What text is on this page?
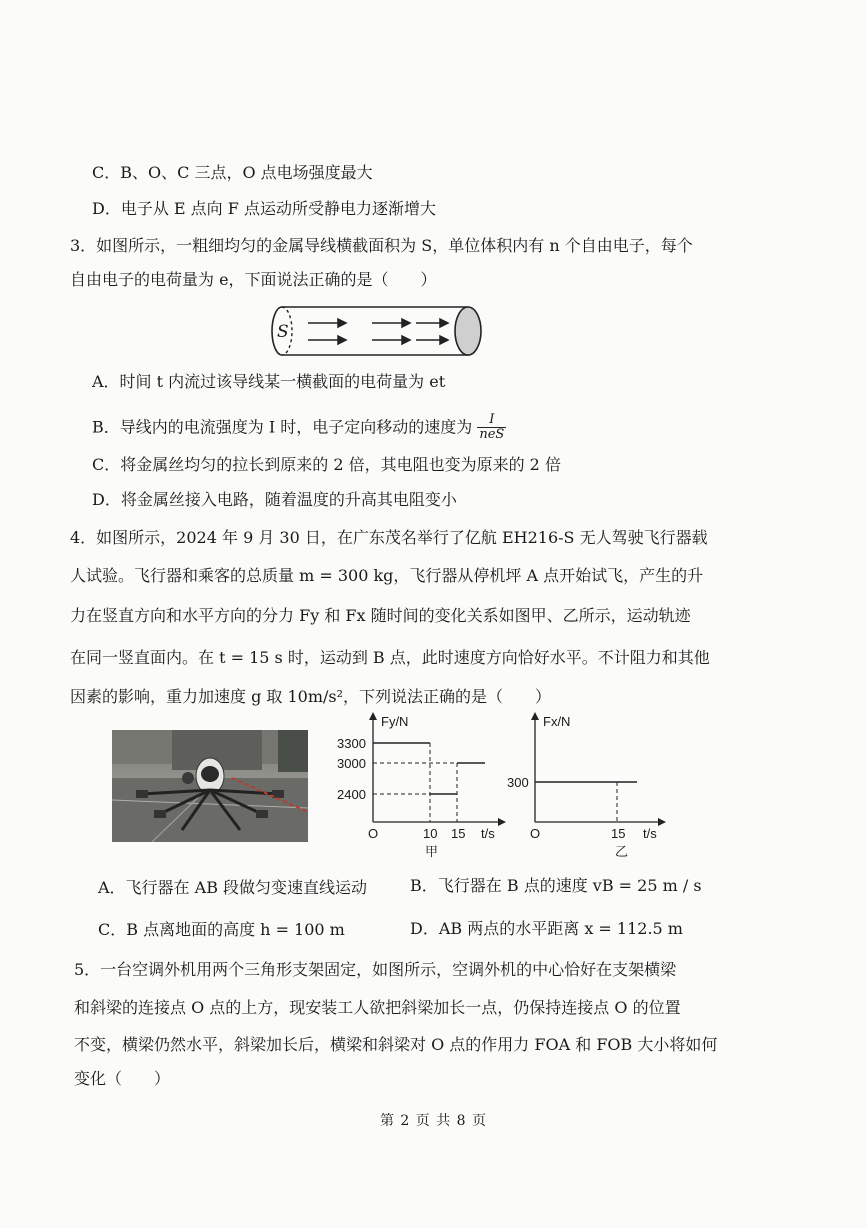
C．B、O、C 三点，O 点电场强度最大
D．电子从 E 点向 F 点运动所受静电力逐渐增大
3．如图所示，一粗细均匀的金属导线横截面积为 S，单位体积内有 n 个自由电子，每个
自由电子的电荷量为 e，下面说法正确的是（　　）
S
A．时间 t 内流过该导线某一横截面的电荷量为 et
B．导线内的电流强度为 I 时，电子定向移动的速度为 $\frac{I}{\text{neS}}$
C．将金属丝均匀的拉长到原来的 2 倍，其电阻也变为原来的 2 倍
D．将金属丝接入电路，随着温度的升高其电阻变小
4．如图所示，2024 年 9 月 30 日，在广东茂名举行了亿航 EH216-S 无人驾驶飞行器载
人试验。飞行器和乘客的总质量 m = 300 kg，飞行器从停机坪 A 点开始试飞，产生的升
力在竖直方向和水平方向的分力 Fy 和 Fx 随时间的变化关系如图甲、乙所示，运动轨迹
在同一竖直面内。在 t = 15 s 时，运动到 B 点，此时速度方向恰好水平。不计阻力和其他
因素的影响，重力加速度 g 取 10m/s²，下列说法正确的是（　　）
Fy/N
3300
3000
2400
O	10 15 t/s
甲
Fx/N
300
O	15 t/s
乙
A．飞行器在 AB 段做匀变速直线运动	B．飞行器在 B 点的速度 vB = 25 m / s
C．B 点离地面的高度 h = 100 m	D．AB 两点的水平距离 x = 112.5 m
5．一台空调外机用两个三角形支架固定，如图所示，空调外机的中心恰好在支架横梁
和斜梁的连接点 O 点的上方，现安装工人欲把斜梁加长一点，仍保持连接点 O 的位置
不变，横梁仍然水平，斜梁加长后，横梁和斜梁对 O 点的作用力 FOA 和 FOB 大小将如何
变化（　　）
第 2 页 共 8 页
